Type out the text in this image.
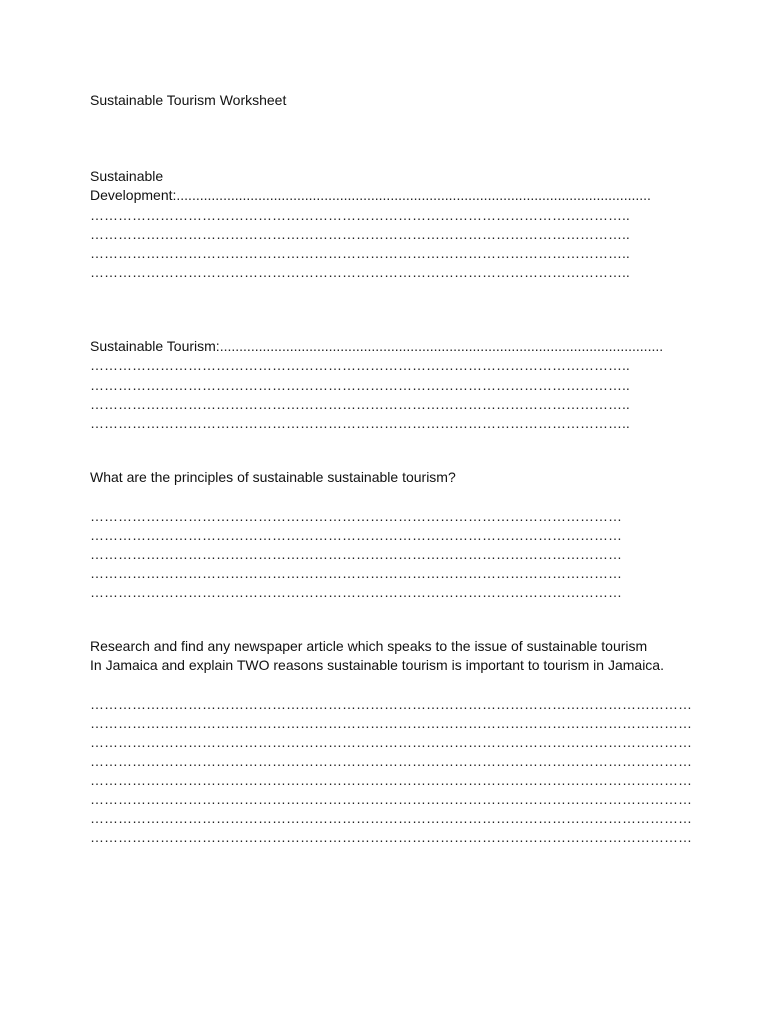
Sustainable Tourism Worksheet
Sustainable
Development: ..........................................................................................................................
……………………………………………………………………………………………………..
……………………………………………………………………………………………………..
……………………………………………………………………………………………………..
……………………………………………………………………………………………………..
Sustainable Tourism: ..................................................................................................................
……………………………………………………………………………………………………..
……………………………………………………………………………………………………..
……………………………………………………………………………………………………..
……………………………………………………………………………………………………..
What are the principles of sustainable sustainable tourism?
……………………………………………………………………………………………………
……………………………………………………………………………………………………
……………………………………………………………………………………………………
……………………………………………………………………………………………………
……………………………………………………………………………………………………
Research and find any newspaper article which speaks to the issue of sustainable tourism
In Jamaica and explain TWO reasons sustainable tourism is important to tourism in Jamaica.
…………………………………………………………………………………………………………………
…………………………………………………………………………………………………………………
…………………………………………………………………………………………………………………
…………………………………………………………………………………………………………………
…………………………………………………………………………………………………………………
…………………………………………………………………………………………………………………
…………………………………………………………………………………………………………………
…………………………………………………………………………………………………………………
